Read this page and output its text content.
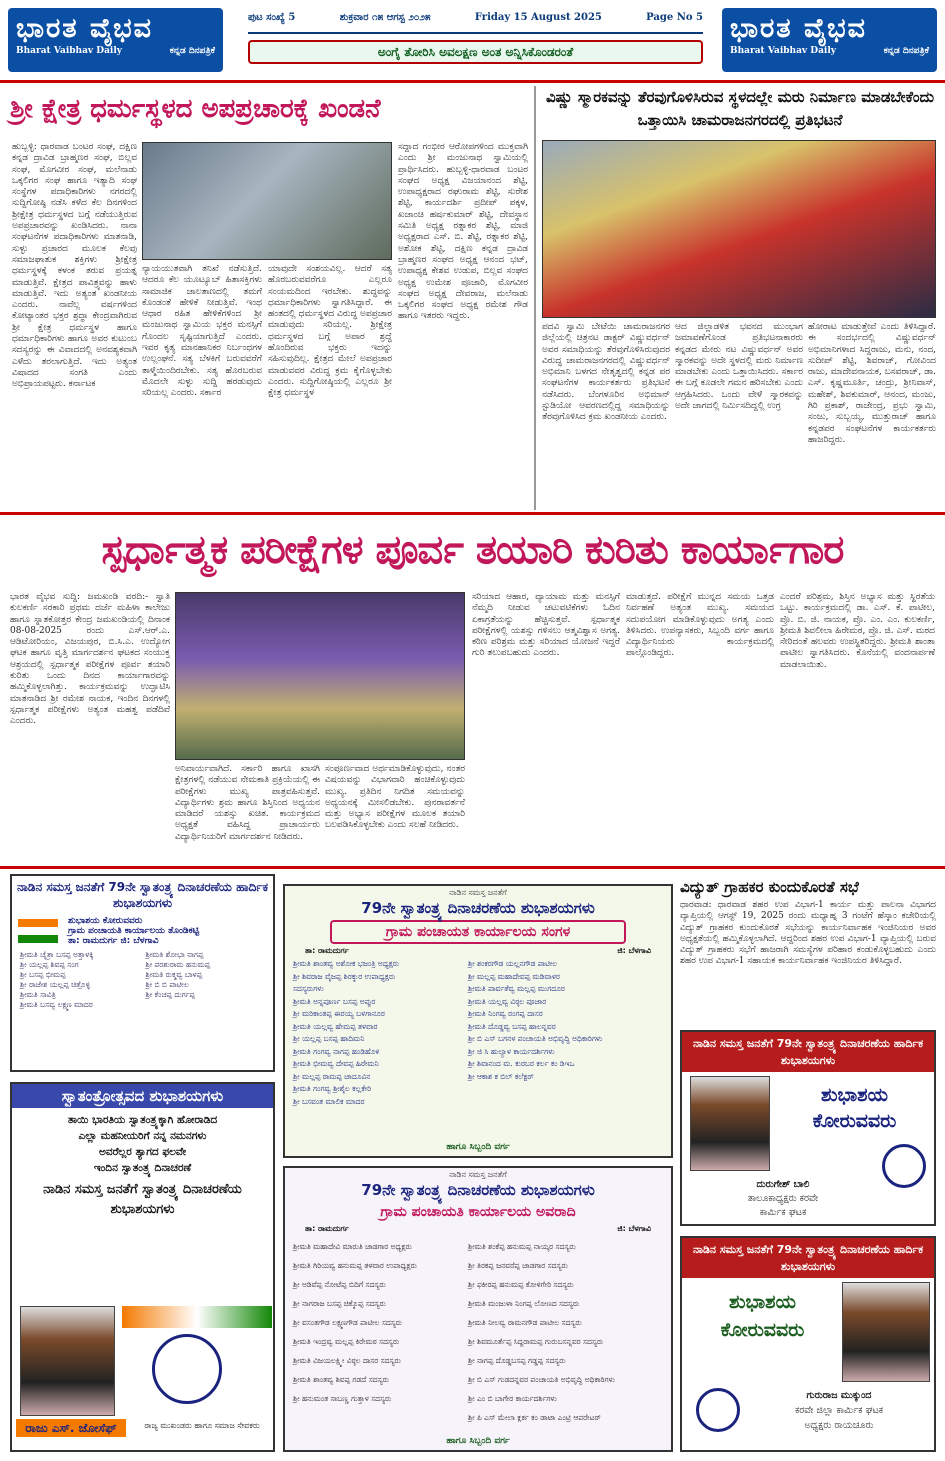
ಭಾರತ ವೈಭವ
Bharat Vaibhav Daily	ಕನ್ನಡ ದಿನಪತ್ರಿಕೆ
ಪುಟ ಸಂಖ್ಯೆ 5	ಶುಕ್ರವಾರ ೧೫ ಆಗಸ್ಟ ೨೦೨೫	Friday 15 August 2025	Page No 5
ಅಂಗೈ ತೋರಿಸಿ ಅವಲಕ್ಷಣ ಅಂತ ಅನ್ನಿಸಿಕೊಂಡರಂತೆ
ಭಾರತ ವೈಭವ
Bharat Vaibhav Daily	ಕನ್ನಡ ದಿನಪತ್ರಿಕೆ
ಶ್ರೀ ಕ್ಷೇತ್ರ ಧರ್ಮಸ್ಥಳದ ಅಪಪ್ರಚಾರಕ್ಕೆ ಖಂಡನೆ
ಹುಬ್ಬಳ್ಳಿ: ಧಾರವಾಡ ಬಂಟರ ಸಂಘ, ದಕ್ಷಿಣ ಕನ್ನಡ ದ್ರಾವಿಡ ಬ್ರಾಹ್ಮಣರ ಸಂಘ, ಬಿಲ್ಲವ ಸಂಘ, ಮೊಗವೀರ ಸಂಘ, ಮಲೆನಾಡು ಒಕ್ಕಲಿಗರ ಸಂಘ ಹಾಗೂ ಇತ್ಯಾದಿ ಸಂಘ ಸಂಸ್ಥೆಗಳ ಪದಾಧಿಕಾರಿಗಳು ನಗರದಲ್ಲಿ ಸುದ್ದಿಗೋಷ್ಠಿ ನಡೆಸಿ ಕಳೆದ ಕೆಲ ದಿನಗಳಿಂದ ಶ್ರೀಕ್ಷೇತ್ರ ಧರ್ಮಸ್ಥಳದ ಬಗ್ಗೆ ನಡೆಯುತ್ತಿರುವ ಅಪಪ್ರಚಾರವನ್ನು ಖಂಡಿಸಿದರು. ನಾನಾ ಸಂಘಟನೆಗಳ ಪದಾಧಿಕಾರಿಗಳು ಮಾತನಾಡಿ, ಸುಳ್ಳು ಪ್ರಚಾರದ ಮೂಲಕ ಕೆಲವು ಸಮಾಜಘಾತುಕ ಶಕ್ತಿಗಳು ಶ್ರೀಕ್ಷೇತ್ರ ಧರ್ಮಸ್ಥಳಕ್ಕೆ ಕಳಂಕ ತರುವ ಪ್ರಯತ್ನ ಮಾಡುತ್ತಿವೆ. ಕ್ಷೇತ್ರದ ಪಾವಿತ್ರ್ಯವನ್ನು ಹಾಳು ಮಾಡುತ್ತಿವೆ. ಇದು ಅತ್ಯಂತ ಖಂಡನೀಯ ಎಂದರು. ನಾವೆಲ್ಲ ವರ್ಷಗಳಿಂದ ಕೋಟ್ಯಾಂತರ ಭಕ್ತರ ಶ್ರದ್ಧಾ ಕೇಂದ್ರವಾಗಿರುವ ಶ್ರೀ ಕ್ಷೇತ್ರ ಧರ್ಮಸ್ಥಳ ಹಾಗೂ ಧರ್ಮಾಧಿಕಾರಿಗಳು ಹಾಗೂ ಅವರ ಕುಟುಂಬ ಸದಸ್ಯರನ್ನು ಈ ವಿವಾದದಲ್ಲಿ ಅನವಶ್ಯಕವಾಗಿ ಎಳೆದು ತರಲಾಗುತ್ತಿದೆ. ಇದು ಅತ್ಯಂತ ವಿಷಾದದ ಸಂಗತಿ ಎಂದು ಅಭಿಪ್ರಾಯಪಟ್ಟರು. ಕರ್ನಾಟಕ
ನ್ಯಾಯಯುತವಾಗಿ ತನಿಖೆ ನಡೆಸುತ್ತಿದೆ. ಆದರೂ ಕೆಲ ಯೂಟ್ಯೂಬ್ ಹಿತಾಸಕ್ತಿಗಳು ಸಾಮಾಜಿಕ ಜಾಲತಾಣದಲ್ಲಿ ತಮಗೆ ಕೊಂಡಂತೆ ಹೇಳಿಕೆ ನೀಡುತ್ತಿವೆ. ಇಂಥ ಆಧಾರ ರಹಿತ ಹೇಳಿಕೆಗಳಿಂದ ಶ್ರೀ ಮಂಜುನಾಥ ಸ್ವಾಮಿಯ ಭಕ್ತರ ಮನಸ್ಸಿಗೆ ಗೊಂದಲ ಸೃಷ್ಟಿಯಾಗುತ್ತಿದೆ ಎಂದರು. ಇವರ ಕೃತ್ಯ ಮಾನಹಾನಿಕರ ನಿರ್ಬಂಧಗಳ ಉಲ್ಲಂಘನೆ. ಸತ್ಯ ಬೆಳಕಿಗೆ ಬರುವವರೆಗೆ ತಾಳ್ಮೆಯಿಂದಿರಬೇಕು. ಸತ್ಯ ಹೊರಬರುವ ಮೊದಲೇ ಸುಳ್ಳು ಸುದ್ದಿ ಹರಡುವುದು ಸರಿಯಲ್ಲ ಎಂದರು. ಸರ್ಕಾರ
ಯಾವುದೇ ಸಂಶಯವಿಲ್ಲ. ಆದರೆ ಸತ್ಯ ಹೊರಬರುವವರೆಗೂ ಎಲ್ಲರೂ ಸಂಯಮದಿಂದ ಇರಬೇಕು. ಶುದ್ಧವನ್ನು ಧರ್ಮಾಧಿಕಾರಿಗಳು ಸ್ವಾಗತಿಸಿದ್ದಾರೆ. ಈ ಹಂತದಲ್ಲಿ ಧರ್ಮಸ್ಥಳದ ವಿರುದ್ಧ ಅಪಪ್ರಚಾರ ಮಾಡುವುದು ಸರಿಯಲ್ಲ. ಶ್ರೀಕ್ಷೇತ್ರ ಧರ್ಮಸ್ಥಳದ ಬಗ್ಗೆ ಅಪಾರ ಶ್ರದ್ಧೆ ಹೊಂದಿರುವ ಭಕ್ತರು ಇದನ್ನು ಸಹಿಸುವುದಿಲ್ಲ. ಕ್ಷೇತ್ರದ ಮೇಲೆ ಅಪಪ್ರಚಾರ ಮಾಡುವವರ ವಿರುದ್ಧ ಕ್ರಮ ಕೈಗೊಳ್ಳಬೇಕು ಎಂದರು. ಸುದ್ದಿಗೋಷ್ಠಿಯಲ್ಲಿ ಎಲ್ಲರೂ ಶ್ರೀ ಕ್ಷೇತ್ರ ಧರ್ಮಸ್ಥಳ
ಸದ್ದಾದ ಗಂಭೀರ ಆರೋಪಗಳಿಂದ ಮುಕ್ತವಾಗಿ ಎಂದು ಶ್ರೀ ಮಂಜುನಾಥ ಸ್ವಾಮಿಯಲ್ಲಿ ಪ್ರಾರ್ಥಿಸಿದರು. ಹುಬ್ಬಳ್ಳಿ-ಧಾರವಾಡ ಬಂಟರ ಸಂಘದ ಅಧ್ಯಕ್ಷ ವಿಜಯಾನಂದ ಶೆಟ್ಟಿ, ಉಪಾಧ್ಯಕ್ಷರಾದ ರಘುರಾಮ ಶೆಟ್ಟಿ, ಸುರೇಶ ಶೆಟ್ಟಿ, ಕಾರ್ಯದರ್ಶಿ ಪ್ರದೀಪ್ ಪಕ್ಕಳ, ಖಜಾಂಚಿ ಹರ್ಷಕುಮಾರ್ ಶೆಟ್ಟಿ, ದೇವಸ್ಥಾನ ಸಮಿತಿ ಅಧ್ಯಕ್ಷ ರತ್ನಾಕರ ಶೆಟ್ಟಿ, ಮಾಜಿ ಅಧ್ಯಕ್ಷರಾದ ಎಸ್. ಬಿ. ಶೆಟ್ಟಿ, ರತ್ನಾಕರ ಶೆಟ್ಟಿ, ಅಶೋಕ ಶೆಟ್ಟಿ, ದಕ್ಷಿಣ ಕನ್ನಡ ದ್ರಾವಿಡ ಬ್ರಾಹ್ಮಣರ ಸಂಘದ ಅಧ್ಯಕ್ಷ ಆನಂದ ಭಟ್, ಉಪಾಧ್ಯಕ್ಷ ಕೇಶವ ಉಡುಪ, ಬಿಲ್ಲವ ಸಂಘದ ಅಧ್ಯಕ್ಷ ಉಮೇಶ ಪೂಜಾರಿ, ಮೊಗವೀರ ಸಂಘದ ಅಧ್ಯಕ್ಷ ದೇವರಾಜ, ಮಲೆನಾಡು ಒಕ್ಕಲಿಗರ ಸಂಘದ ಅಧ್ಯಕ್ಷ ರಮೇಶ ಗೌಡ ಹಾಗೂ ಇತರರು ಇದ್ದರು.
ವಿಷ್ಣು ಸ್ಮಾರಕವನ್ನು ತೆರವುಗೊಳಿಸಿರುವ ಸ್ಥಳದಲ್ಲೇ ಮರು ನಿರ್ಮಾಣ ಮಾಡಬೇಕೆಂದು ಒತ್ತಾಯಿಸಿ ಚಾಮರಾಜನಗರದಲ್ಲಿ ಪ್ರತಿಭಟನೆ
ಪದವಿ ಸ್ವಾಮಿ ಬೇಟೆಯಿ ಚಾಮರಾಜನಗರ ಜಿಲ್ಲೆಯಲ್ಲಿ ಚಿತ್ರನಟ ಡಾಕ್ಟರ್ ವಿಷ್ಣುವರ್ಧನ್ ಅವರ ಸಮಾಧಿಯನ್ನು ತೆರವುಗೊಳಿಸಿರುವುದರ ವಿರುದ್ಧ ಚಾಮರಾಜನಗರದಲ್ಲಿ ವಿಷ್ಣುವರ್ಧನ್ ಅಭಿಮಾನಿ ಬಳಗದ ನೇತೃತ್ವದಲ್ಲಿ ಕನ್ನಡ ಪರ ಸಂಘಟನೆಗಳ ಕಾರ್ಯಕರ್ತರು ಪ್ರತಿಭಟನೆ ನಡೆಸಿದರು. ಬೆಂಗಳೂರಿನ ಅಭಿಮಾನ್ ಸ್ಟುಡಿಯೋ ಆವರಣದಲ್ಲಿದ್ದ ಸಮಾಧಿಯನ್ನು ತೆರವುಗೊಳಿಸಿದ ಕ್ರಮ ಖಂಡನೀಯ ಎಂದರು.
ಆದ ಜಿಲ್ಲಾಡಳಿತ ಭವನದ ಮುಂಭಾಗ ಜಮಾವಣೆಗೊಂಡ ಪ್ರತಿಭಟನಾಕಾರರು ಕನ್ನಡದ ಮೇರು ನಟ ವಿಷ್ಣುವರ್ಧನ್ ಅವರ ಸ್ಮಾರಕವನ್ನು ಅದೇ ಸ್ಥಳದಲ್ಲಿ ಮರು ನಿರ್ಮಾಣ ಮಾಡಬೇಕು ಎಂದು ಒತ್ತಾಯಿಸಿದರು. ಸರ್ಕಾರ ಈ ಬಗ್ಗೆ ಕೂಡಲೇ ಗಮನ ಹರಿಸಬೇಕು ಎಂದು ಆಗ್ರಹಿಸಿದರು. ಒಂದು ವೇಳೆ ಸ್ಮಾರಕವನ್ನು ಅದೇ ಜಾಗದಲ್ಲಿ ನಿರ್ಮಿಸದಿದ್ದಲ್ಲಿ ಉಗ್ರ
ಹೋರಾಟ ಮಾಡುತ್ತೇವೆ ಎಂದು ತಿಳಿಸಿದ್ದಾರೆ. ಈ ಸಂದರ್ಭದಲ್ಲಿ ವಿಷ್ಣುವರ್ಧನ್ ಅಭಿಮಾನಿಗಳಾದ ಸಿದ್ದರಾಜು, ಮನು, ನಂದ, ಸುದೀಪ್ ಶೆಟ್ಟಿ, ಶಿವರಾಜ್, ಗೋವಿಂದ ರಾಜು, ಮಾದೇವನಾಯಕ, ಬಸವರಾಜ್, ಡಾ. ಎಸ್. ಕೃಷ್ಣಮೂರ್ತಿ, ಚಂದ್ರು, ಶ್ರೀನಿವಾಸ್, ಮಹೇಶ್, ಶಿವಕುಮಾರ್, ಆನಂದ, ಮಂಜು, ಗಿರಿ ಪ್ರಕಾಶ್, ರಾಜೇಂದ್ರ, ಪ್ರಭು ಸ್ವಾಮಿ, ಸಂಜು, ಸುಬ್ಬಯ್ಯ, ಮುತ್ತುರಾಜ್ ಹಾಗೂ ಕನ್ನಡಪರ ಸಂಘಟನೆಗಳ ಕಾರ್ಯಕರ್ತರು ಹಾಜರಿದ್ದರು.
ಸ್ಪರ್ಧಾತ್ಮಕ ಪರೀಕ್ಷೆಗಳ ಪೂರ್ವ ತಯಾರಿ ಕುರಿತು ಕಾರ್ಯಾಗಾರ
ಭಾರತ ವೈಭವ ಸುದ್ದಿ: ಜಮಖಂಡಿ ವರದಿ:- ಸ್ವಾತಿ ಕುಲಕರ್ಣಿ ಸರಕಾರಿ ಪ್ರಥಮ ದರ್ಜೆ ಮಹಿಳಾ ಕಾಲೇಜು ಹಾಗೂ ಸ್ನಾತಕೋತ್ತರ ಕೇಂದ್ರ ಜಮಖಂಡಿಯಲ್ಲಿ ದಿನಾಂಕ 08-08-2025 ರಂದು ಎಸ್.ಆರ್.ಎ. ಆಡಿಟೋರಿಯಂ, ವಿಜಯಪುರ, ಬಿ.ಸಿ.ಎ. ಉದ್ಯೋಗ ಘಟಕ ಹಾಗೂ ವೃತ್ತಿ ಮಾರ್ಗದರ್ಶನ ಘಟಕದ ಸಂಯುಕ್ತ ಆಶ್ರಯದಲ್ಲಿ ಸ್ಪರ್ಧಾತ್ಮಕ ಪರೀಕ್ಷೆಗಳ ಪೂರ್ವ ತಯಾರಿ ಕುರಿತು ಒಂದು ದಿನದ ಕಾರ್ಯಾಗಾರವನ್ನು ಹಮ್ಮಿಕೊಳ್ಳಲಾಗಿತ್ತು. ಕಾರ್ಯಕ್ರಮವನ್ನು ಉದ್ಘಾಟಿಸಿ ಮಾತನಾಡಿದ ಶ್ರೀ ರಮೇಶ ನಾಯಕ, ಇಂದಿನ ದಿನಗಳಲ್ಲಿ ಸ್ಪರ್ಧಾತ್ಮಕ ಪರೀಕ್ಷೆಗಳು ಅತ್ಯಂತ ಮಹತ್ವ ಪಡೆದಿವೆ ಎಂದರು.
ಅನಿವಾರ್ಯವಾಗಿದೆ. ಸರ್ಕಾರಿ ಹಾಗೂ ಖಾಸಗಿ ಕ್ಷೇತ್ರಗಳಲ್ಲಿ ನಡೆಯುವ ನೇಮಕಾತಿ ಪ್ರಕ್ರಿಯೆಯಲ್ಲಿ ಈ ಪರೀಕ್ಷೆಗಳು ಮುಖ್ಯ ಪಾತ್ರವಹಿಸುತ್ತವೆ. ವಿದ್ಯಾರ್ಥಿಗಳು ಶ್ರಮ ಹಾಗೂ ಶಿಸ್ತಿನಿಂದ ಅಧ್ಯಯನ ಮಾಡಿದರೆ ಯಶಸ್ಸು ಖಚಿತ. ಕಾರ್ಯಕ್ರಮದ ಅಧ್ಯಕ್ಷತೆ ವಹಿಸಿದ್ದ ಪ್ರಾಚಾರ್ಯರು ವಿದ್ಯಾರ್ಥಿನಿಯರಿಗೆ ಮಾರ್ಗದರ್ಶನ ನೀಡಿದರು.
ಸಂಪೂರ್ಣವಾದ ಅರ್ಥಮಾಡಿಕೊಳ್ಳುವುದು, ನಂತರ ವಿಷಯವನ್ನು ವಿಭಾಗವಾರಿ ಹಂಚಿಕೊಳ್ಳುವುದು ಮುಖ್ಯ. ಪ್ರತಿದಿನ ನಿಗದಿತ ಸಮಯವನ್ನು ಅಧ್ಯಯನಕ್ಕೆ ಮೀಸಲಿಡಬೇಕು. ಪುನರಾವರ್ತನೆ ಮತ್ತು ಅಭ್ಯಾಸ ಪರೀಕ್ಷೆಗಳ ಮೂಲಕ ತಯಾರಿ ಬಲಪಡಿಸಿಕೊಳ್ಳಬೇಕು ಎಂದು ಸಲಹೆ ನೀಡಿದರು.
ಸರಿಯಾದ ಆಹಾರ, ವ್ಯಾಯಾಮ ಮತ್ತು ಮನಸ್ಸಿಗೆ ನೆಮ್ಮದಿ ನೀಡುವ ಚಟುವಟಿಕೆಗಳು ಓದಿನ ಏಕಾಗ್ರತೆಯನ್ನು ಹೆಚ್ಚಿಸುತ್ತವೆ. ಸ್ಪರ್ಧಾತ್ಮಕ ಪರೀಕ್ಷೆಗಳಲ್ಲಿ ಯಶಸ್ಸು ಗಳಿಸಲು ಆತ್ಮವಿಶ್ವಾಸ ಅಗತ್ಯ. ಕಠಿಣ ಪರಿಶ್ರಮ ಮತ್ತು ಸರಿಯಾದ ಯೋಜನೆ ಇದ್ದರೆ ಗುರಿ ತಲುಪಬಹುದು ಎಂದರು.
ಮಾಡುತ್ತದೆ. ಪರೀಕ್ಷೆಗೆ ಮುನ್ನದ ಸಮಯ ಒತ್ತಡ ನಿರ್ವಹಣೆ ಅತ್ಯಂತ ಮುಖ್ಯ. ಸಮಯದ ಸದುಪಯೋಗ ಮಾಡಿಕೊಳ್ಳುವುದು ಅಗತ್ಯ ಎಂದು ತಿಳಿಸಿದರು. ಉಪನ್ಯಾಸಕರು, ಸಿಬ್ಬಂದಿ ವರ್ಗ ಹಾಗೂ ವಿದ್ಯಾರ್ಥಿನಿಯರು ಕಾರ್ಯಕ್ರಮದಲ್ಲಿ ಪಾಲ್ಗೊಂಡಿದ್ದರು.
ಎಂದರೆ ಪರಿಶ್ರಮ, ಶಿಸ್ತಿನ ಅಭ್ಯಾಸ ಮತ್ತು ಸ್ಥಿರತೆಯ ಒಟ್ಟು. ಕಾರ್ಯಕ್ರಮದಲ್ಲಿ ಡಾ. ಎಸ್. ಕೆ. ಪಾಟೀಲ, ಪ್ರೊ. ಬಿ. ಜಿ. ನಾಯಕ, ಪ್ರೊ. ಎಂ. ಎಂ. ಕುಲಕರ್ಣಿ, ಶ್ರೀಮತಿ ಶಿವಲೀಲಾ ಹಿರೇಮಠ, ಪ್ರೊ. ಜಿ. ಎಸ್. ಮಠದ ಸೇರಿದಂತೆ ಹಲವರು ಉಪಸ್ಥಿತರಿದ್ದರು. ಶ್ರೀಮತಿ ಶಾಂತಾ ಪಾಟೀಲ ಸ್ವಾಗತಿಸಿದರು. ಕೊನೆಯಲ್ಲಿ ವಂದನಾರ್ಪಣೆ ಮಾಡಲಾಯಿತು.
ನಾಡಿನ ಸಮಸ್ತ ಜನತೆಗೆ 79ನೇ ಸ್ವಾತಂತ್ರ್ಯ ದಿನಾಚರಣೆಯ ಹಾರ್ದಿಕ ಶುಭಾಶಯಗಳು
ಶುಭಾಶಯ ಕೋರುವವರು
ಗ್ರಾಮ ಪಂಚಾಯತಿ ಕಾರ್ಯಾಲಯ ತೊಂಡಿಕಟ್ಟಿ
ತಾ: ರಾಮದುರ್ಗ ಜಿ: ಬೆಳಗಾವಿ
ಶ್ರೀಮತಿ ಚೈತ್ರಾ ಬಸಪ್ಪ ಅತ್ತಾಳಕ್ಕಿ	ಶ್ರೀಮತಿ ಶೋಭಾ ನಾಗಪ್ಪ
ಶ್ರೀ ಯಲ್ಲಪ್ಪ ಶಿವಪ್ಪ ಸಂಗ	ಶ್ರೀ ಪರಶುರಾಮ ಹನುಮಪ್ಪ
ಶ್ರೀ ಬಸಪ್ಪ ಭೀಮಪ್ಪ	ಶ್ರೀಮತಿ ರುಕ್ಮವ್ವ ಬಾಳಪ್ಪ
ಶ್ರೀ ರಾಜೇಶ ಯಲ್ಲಪ್ಪ ಚಿತ್ರೊಳ್ಳಿ	ಶ್ರೀ ಬಿ ಬಿ ಪಾಟೀಲ
ಶ್ರೀಮತಿ ಸಾವಿತ್ರಿ	ಶ್ರೀ ಕೆಂಚಪ್ಪ ದುರ್ಗಪ್ಪ
ಶ್ರೀಮತಿ ಬಸವ್ವ ಲಕ್ಷ್ಮಣ ಮಾದರ
ಸ್ವಾತಂತ್ರೋತ್ಸವದ ಶುಭಾಶಯಗಳು
ತಾಯಿ ಭಾರತಿಯ ಸ್ವಾತಂತ್ರ್ಯಕ್ಕಾಗಿ ಹೋರಾಡಿದ
ಎಲ್ಲಾ ಮಹನೀಯರಿಗೆ ನನ್ನ ನಮನಗಳು
ಅವರೆಲ್ಲರ ತ್ಯಾಗದ ಫಲವೇ
ಇಂದಿನ ಸ್ವಾತಂತ್ರ್ಯ ದಿನಾಚರಣೆ
ನಾಡಿನ ಸಮಸ್ತ ಜನತೆಗೆ ಸ್ವಾತಂತ್ರ್ಯ ದಿನಾಚರಣೆಯ ಶುಭಾಶಯಗಳು
ರಾಜು ಎಸ್. ಜೋಸೆಫ್	ರಾಜ್ಯ ಮುಖಂಡರು ಹಾಗೂ ಸಮಾಜ ಸೇವಕರು
ನಾಡಿನ ಸಮಸ್ತ ಜನತೆಗೆ
79ನೇ ಸ್ವಾತಂತ್ರ್ಯ ದಿನಾಚರಣೆಯ ಶುಭಾಶಯಗಳು
ಗ್ರಾಮ ಪಂಚಾಯತ ಕಾರ್ಯಾಲಯ ಸಂಗಳ
ತಾ: ರಾಮದುರ್ಗ	ಜಿ: ಬೆಳಗಾವಿ
ಶ್ರೀಮತಿ ಶಾಂತವ್ವ ಅಶೋಕ ಭಜಂತ್ರಿ ಅಧ್ಯಕ್ಷರು
ಶ್ರೀ ಶಿವರಾಜ ವೈಜಪ್ಪ ಶಿರಕ್ಕುರ ಉಪಾಧ್ಯಕ್ಷರು
ಸದಸ್ಯರುಗಳು
ಶ್ರೀಮತಿ ಅನ್ನಪೂರ್ಣ ಬಸಪ್ಪ ಅಪ್ಪುರ
ಶ್ರೀ ಮರಿಕಾಂತಪ್ಪ ಈರಯ್ಯ ಬಳಗಾನೂರ
ಶ್ರೀಮತಿ ಯಲ್ಲವ್ವ ಹೇಮಪ್ಪ ತಳವಾರ
ಶ್ರೀ ಯಲ್ಲಪ್ಪ ಬಸಪ್ಪ ಹಾದಿಮನಿ
ಶ್ರೀಮತಿ ಗಂಗವ್ವ ನಾಗಪ್ಪ ಹಂಡಿಹೊಳಿ
ಶ್ರೀಮತಿ ಭೀಮವ್ವ ದೇವಪ್ಪ ಹಿರೇಮನಿ
ಶ್ರೀ ಮಲ್ಲಪ್ಪ ರಾಮಪ್ಪ ಜಾದೂವಿನ
ಶ್ರೀಮತಿ ಗಂಗವ್ವ ಶ್ರೀಶೈಲ ಕಲ್ಲಕೇರಿ
ಶ್ರೀ ಬಸವಂತ ಮಾಲಿಕ ಮಾದರ
ಶ್ರೀ ಶಂಕರಗೌಡ ಯಲ್ಲನಗೌಡ ಪಾಟೀಲ
ಶ್ರೀ ಮಲ್ಲಪ್ಪ ಮಹಾದೇವಪ್ಪ ಮಡಿವಾಳರ
ಶ್ರೀಮತಿ ಪಾರ್ವತೆವ್ವ ಮಲ್ಲಪ್ಪ ಮುಗದೂರ
ಶ್ರೀಮತಿ ಯಲ್ಲವ್ವ ವಿಠ್ಠಲ ಪೂಜಾರ
ಶ್ರೀಮತಿ ನಿಂಗವ್ವ ರಂಗಪ್ಪ ದಾಸರ
ಶ್ರೀಮತಿ ದೊಡ್ಡವ್ವ ಬಸಪ್ಪ ಹಾಲನ್ನವರ
ಶ್ರೀ ಬಿ ಎಸ್ ಬಗನಳ ಪಂಚಾಯತಿ ಅಭಿವೃದ್ಧಿ ಅಧಿಕಾರಿಗಳು
ಶ್ರೀ ಜಿ ಸಿ ಹುಲ್ಯಾಳ ಕಾರ್ಯದರ್ಶಿಗಳು
ಶ್ರೀ ಶಿವಾನಂದ ಮ. ಕುರಬರ ಕರ್ಲ ಕಂ ಡಿಇಒ
ಶ್ರೀ ಆಕಾಶ ಕ ಬಿಲ್ ಕಲೆಕ್ಟರ್
ಹಾಗೂ ಸಿಬ್ಬಂದಿ ವರ್ಗ
ನಾಡಿನ ಸಮಸ್ತ ಜನತೆಗೆ
79ನೇ ಸ್ವಾತಂತ್ರ್ಯ ದಿನಾಚರಣೆಯ ಶುಭಾಶಯಗಳು
ಗ್ರಾಮ ಪಂಚಾಯತಿ ಕಾರ್ಯಾಲಯ ಅವರಾದಿ
ತಾ: ರಾಮದುರ್ಗ	ಜಿ: ಬೆಳಗಾವಿ
ಶ್ರೀಮತಿ ಮಹಾದೇವಿ ಮಾರುತಿ ಜಾಡಗಾರ ಅಧ್ಯಕ್ಷರು
ಶ್ರೀಮತಿ ಗಿರಿಯವ್ವ ಹನುಮಪ್ಪ ತಳವಾರ ಉಪಾಧ್ಯಕ್ಷರು
ಶ್ರೀ ಅಡಿವೆಪ್ಪ ನೋಟೆಪ್ಪ ಬಿದಿಗೆ ಸದಸ್ಯರು
ಶ್ರೀ ನಾಗರಾಜ ಬಸಪ್ಪ ಚಿಕ್ಕೊಪ್ಪ ಸದಸ್ಯರು
ಶ್ರೀ ವಸಂತಗೌಡ ಲಕ್ಷ್ಮಣಗೌಡ ಪಾಟೀಲ ಸದಸ್ಯರು
ಶ್ರೀಮತಿ ಇಂದ್ರವ್ವ ಮಲ್ಲಪ್ಪ ಕಿರೇಮಠ ಸದಸ್ಯರು
ಶ್ರೀಮತಿ ವಿಜಯಲಕ್ಷ್ಮೀ ವಿಠ್ಠಲ ದಾಸರ ಸದಸ್ಯರು
ಶ್ರೀಮತಿ ಶಾಂತವ್ವ ಶಿವಪ್ಪ ಗಡದೆ ಸದಸ್ಯರು
ಶ್ರೀ ಹನುಮಂತ ಸಾಬಣ್ಣ ಗುತ್ತಾಳ ಸದಸ್ಯರು
ಶ್ರೀಮತಿ ಶಂಕೆಪ್ಪ ಹನುಮಪ್ಪ ನಾಯ್ಕರ ಸದಸ್ಯರು
ಶ್ರೀ ತಿರಕಪ್ಪ ಜನವರೆಪ್ಪ ಜಾಡಗಾರ ಸದಸ್ಯರು
ಶ್ರೀ ಫಕೀರಪ್ಪ ಹನುಮಪ್ಪ ಕೋಳಿಗೇರಿ ಸದಸ್ಯರು
ಶ್ರೀಮತಿ ಮಂಜುಳಾ ನಿಂಗಪ್ಪ ಲೋಣದ ಸದಸ್ಯರು
ಶ್ರೀಮತಿ ನೀಲವ್ವ ರಾಮನಗೌಡ ಪಾಟೀಲ ಸದಸ್ಯರು
ಶ್ರೀ ಶಿವಮೂರ್ತೆಪ್ಪ ಸಿದ್ದರಾಮಪ್ಪ ಗುರುಬಸನ್ನವರ ಸದಸ್ಯರು
ಶ್ರೀ ನಾಗಪ್ಪ ದೊಡ್ಡಬಸಪ್ಪ ಗಡ್ಡಪ್ಪ ಸದಸ್ಯರು
ಶ್ರೀ ಬಿ ಎಸ್ ಗುಡದನ್ನವರ ಪಂಚಾಯತಿ ಅಭಿವೃದ್ಧಿ ಅಧಿಕಾರಿಗಳು
ಶ್ರೀ ಎಂ ಬಿ ಬಾಗೇರ ಕಾರ್ಯದರ್ಶಿಗಳು
ಶ್ರೀ ಪಿ ಎಸ್ ಮೇಲಾ ಕ್ಲರ್ಕ ಕಂ ಡಾಟಾ ಎಂಟ್ರಿ ಆಪರೇಟರ್
ಹಾಗೂ ಸಿಬ್ಬಂದಿ ವರ್ಗ
ವಿದ್ಯುತ್ ಗ್ರಾಹಕರ ಕುಂದುಕೊರತೆ ಸಭೆ
ಧಾರವಾಡ: ಧಾರವಾಡ ಶಹರ ಉಪ ವಿಭಾಗ-1 ಕಾರ್ಯ ಮತ್ತು ಪಾಲನಾ ವಿಭಾಗದ ವ್ಯಾಪ್ತಿಯಲ್ಲಿ ಆಗಸ್ಟ್ 19, 2025 ರಂದು ಮಧ್ಯಾಹ್ನ 3 ಗಂಟೆಗೆ ಹೆಸ್ಕಾಂ ಕಚೇರಿಯಲ್ಲಿ ವಿದ್ಯುತ್ ಗ್ರಾಹಕರ ಕುಂದುಕೊರತೆ ಸಭೆಯನ್ನು ಕಾರ್ಯನಿರ್ವಾಹಕ ಇಂಜಿನಿಯರ ಅವರ ಅಧ್ಯಕ್ಷತೆಯಲ್ಲಿ ಹಮ್ಮಿಕೊಳ್ಳಲಾಗಿದೆ. ಆದ್ದರಿಂದ ಶಹರ ಉಪ ವಿಭಾಗ-1 ವ್ಯಾಪ್ತಿಯಲ್ಲಿ ಬರುವ ವಿದ್ಯುತ್ ಗ್ರಾಹಕರು ಸಭೆಗೆ ಹಾಜರಾಗಿ ಸಮಸ್ಯೆಗಳ ಪರಿಹಾರ ಕಂಡುಕೊಳ್ಳಬಹುದು ಎಂದು ಶಹರ ಉಪ ವಿಭಾಗ-1 ಸಹಾಯಕ ಕಾರ್ಯನಿರ್ವಾಹಕ ಇಂಜಿನಿಯರ ತಿಳಿಸಿದ್ದಾರೆ.
ನಾಡಿನ ಸಮಸ್ತ ಜನತೆಗೆ 79ನೇ ಸ್ವಾತಂತ್ರ್ಯ ದಿನಾಚರಣೆಯ ಹಾರ್ದಿಕ ಶುಭಾಶಯಗಳು
ಶುಭಾಶಯ ಕೋರುವವರು
ದುರುಗೇಶ್ ಬಾಲಿ
ತಾಲೂಕಾಧ್ಯಕ್ಷರು ಕರವೇ
ಕಾರ್ಮಿಕ ಘಟಕ
ನಾಡಿನ ಸಮಸ್ತ ಜನತೆಗೆ 79ನೇ ಸ್ವಾತಂತ್ರ್ಯ ದಿನಾಚರಣೆಯ ಹಾರ್ದಿಕ ಶುಭಾಶಯಗಳು
ಶುಭಾಶಯ ಕೋರುವವರು
ಗುರುರಾಜ ಮುಕ್ಕುಂದ
ಕರವೇ ಜಿಲ್ಲಾ ಕಾರ್ಮಿಕ ಘಟಕ
ಅಧ್ಯಕ್ಷರು ರಾಯಚೂರು
